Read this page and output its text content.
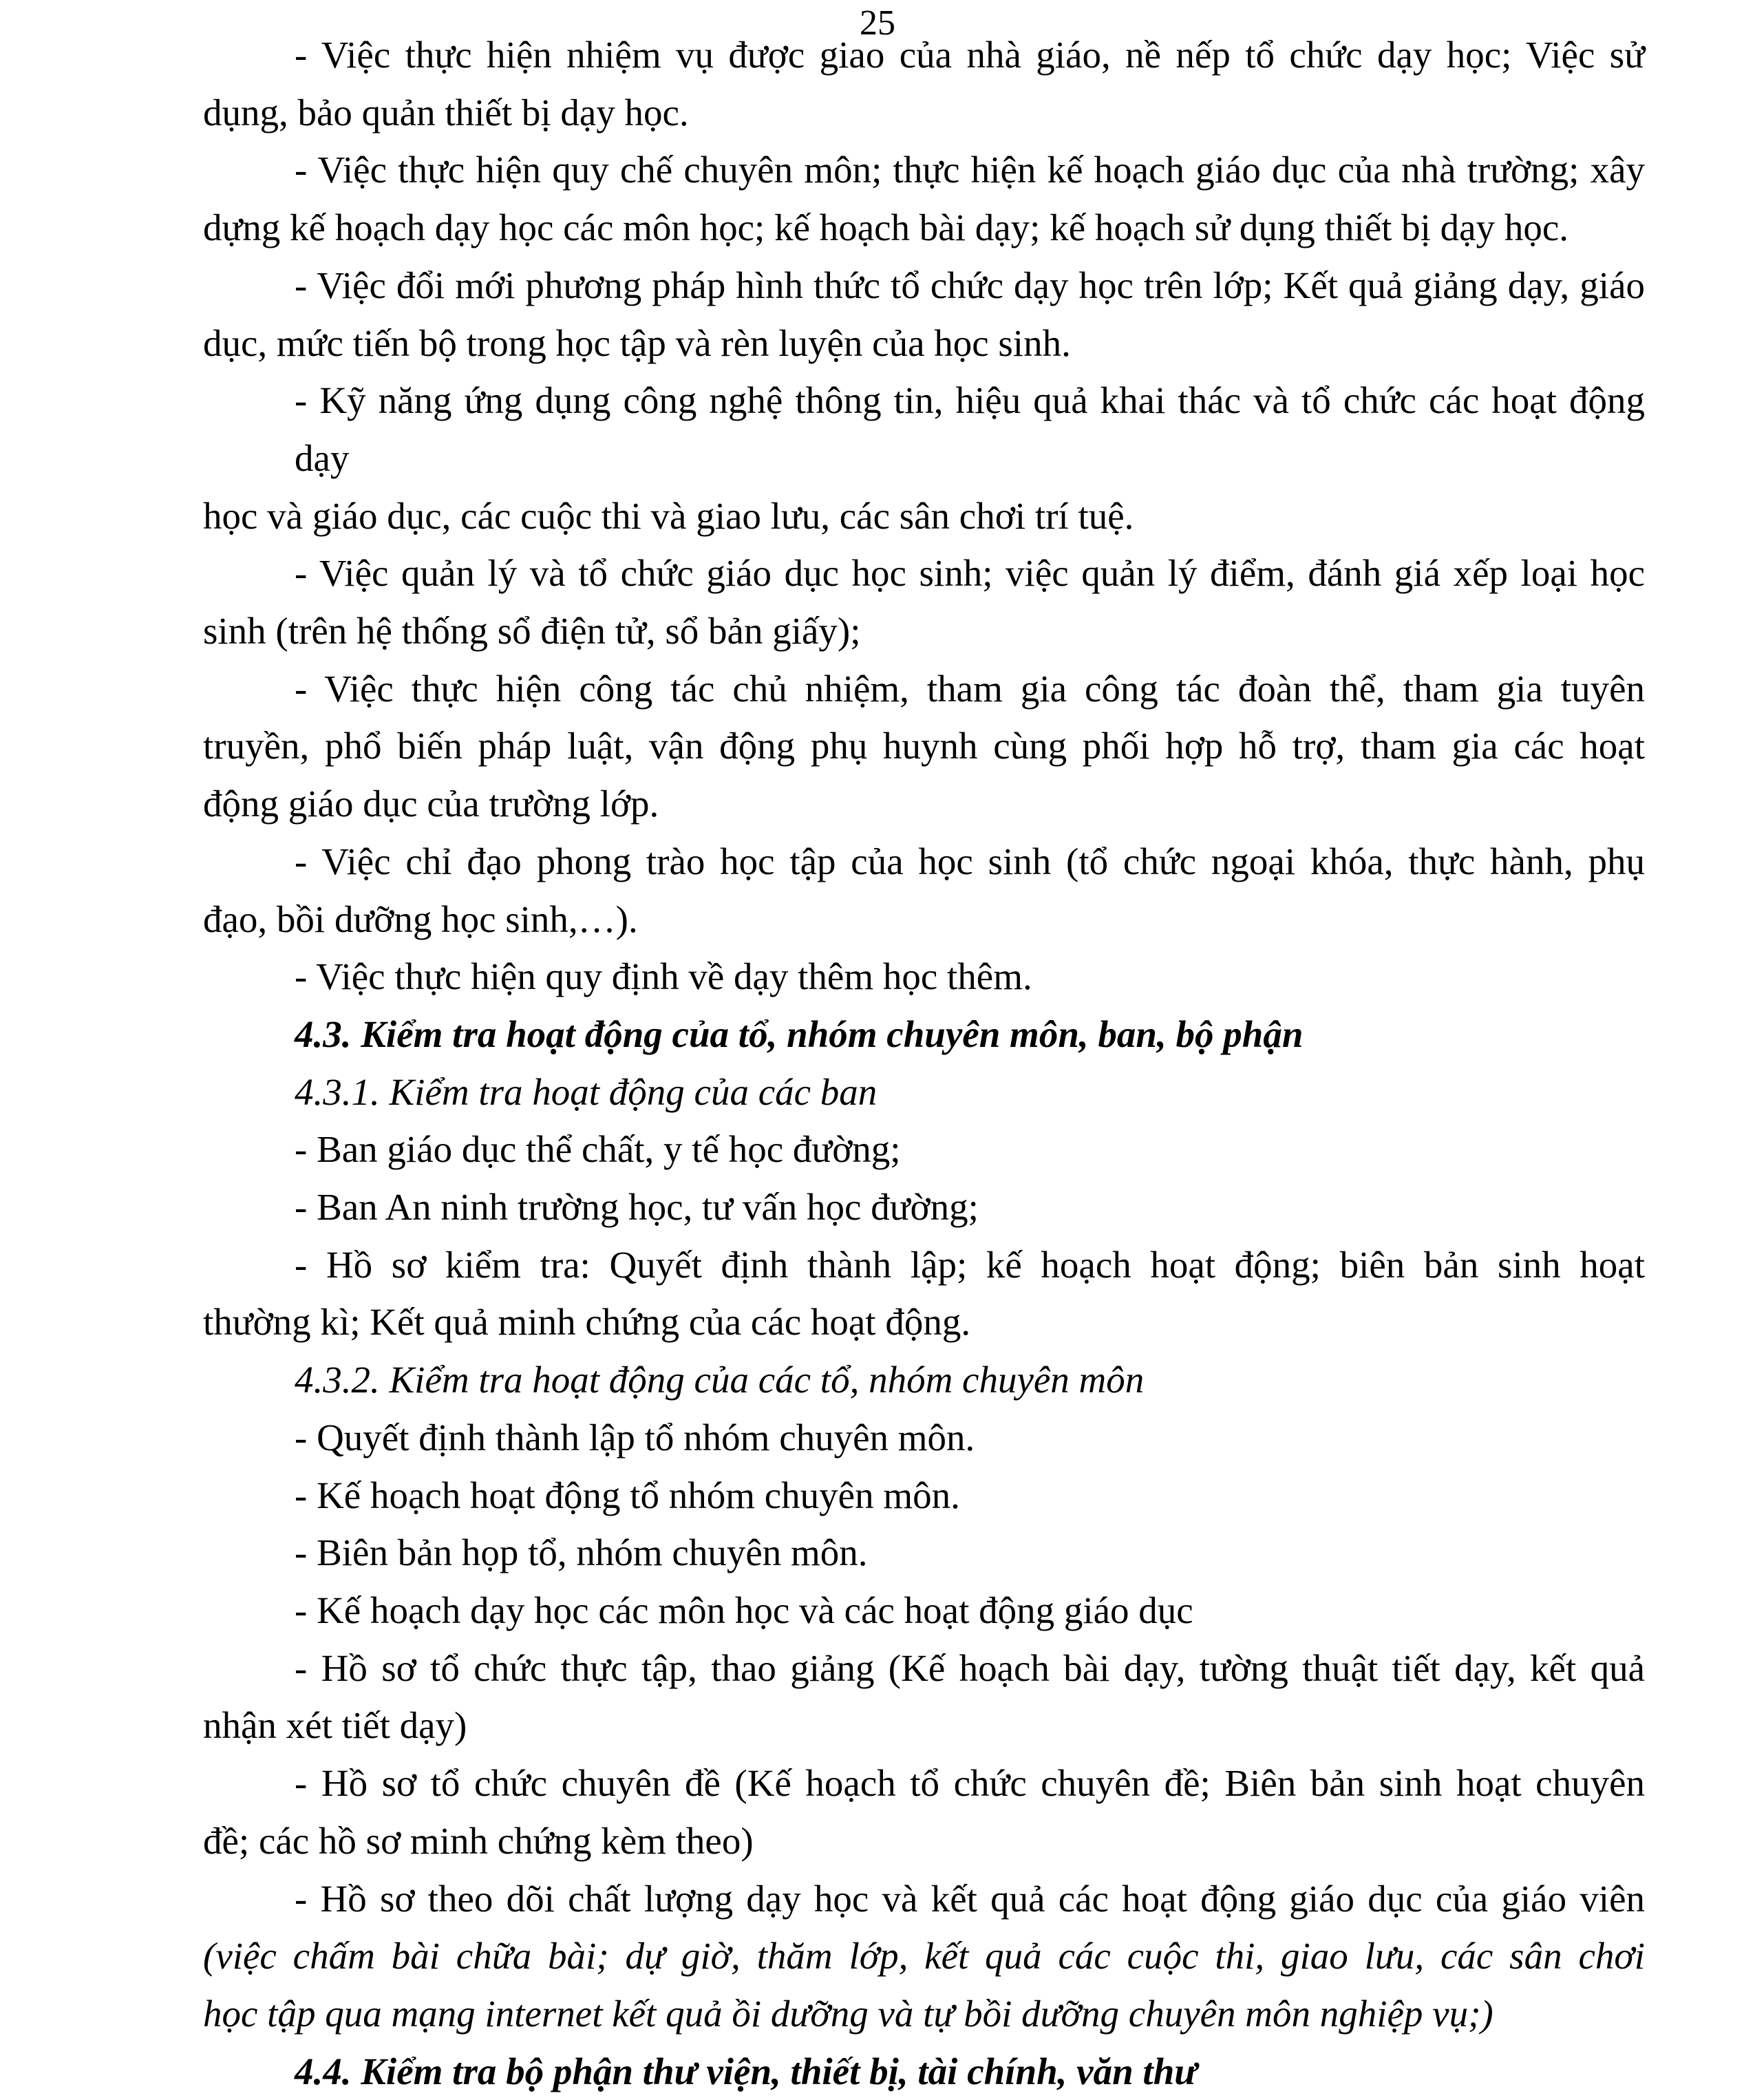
25
- Việc thực hiện nhiệm vụ được giao của nhà giáo, nề nếp tổ chức dạy học; Việc sử
dụng, bảo quản thiết bị dạy học.
- Việc thực hiện quy chế chuyên môn; thực hiện kế hoạch giáo dục của nhà trường; xây
dựng kế hoạch dạy học các môn học; kế hoạch bài dạy; kế hoạch sử dụng thiết bị dạy học.
- Việc đổi mới phương pháp hình thức tổ chức dạy học trên lớp; Kết quả giảng dạy, giáo
dục, mức tiến bộ trong học tập và rèn luyện của học sinh.
- Kỹ năng ứng dụng công nghệ thông tin, hiệu quả khai thác và tổ chức các hoạt động dạy
học và giáo dục, các cuộc thi và giao lưu, các sân chơi trí tuệ.
- Việc quản lý và tổ chức giáo dục học sinh; việc quản lý điểm, đánh giá xếp loại học
sinh (trên hệ thống sổ điện tử, sổ bản giấy);
- Việc thực hiện công tác chủ nhiệm, tham gia công tác đoàn thể, tham gia tuyên
truyền, phổ biến pháp luật, vận động phụ huynh cùng phối hợp hỗ trợ, tham gia các hoạt
động giáo dục của trường lớp.
- Việc chỉ đạo phong trào học tập của học sinh (tổ chức ngoại khóa, thực hành, phụ
đạo, bồi dưỡng học sinh,…).
- Việc thực hiện quy định về dạy thêm học thêm.
4.3. Kiểm tra hoạt động của tổ, nhóm chuyên môn, ban, bộ phận
4.3.1. Kiểm tra hoạt động của các ban
- Ban giáo dục thể chất, y tế học đường;
- Ban An ninh trường học, tư vấn học đường;
- Hồ sơ kiểm tra: Quyết định thành lập; kế hoạch hoạt động; biên bản sinh hoạt
thường kì; Kết quả minh chứng của các hoạt động.
4.3.2. Kiểm tra hoạt động của các tổ, nhóm chuyên môn
- Quyết định thành lập tổ nhóm chuyên môn.
- Kế hoạch hoạt động tổ nhóm chuyên môn.
- Biên bản họp tổ, nhóm chuyên môn.
- Kế hoạch dạy học các môn học và các hoạt động giáo dục
- Hồ sơ tổ chức thực tập, thao giảng (Kế hoạch bài dạy, tường thuật tiết dạy, kết quả
nhận xét tiết dạy)
- Hồ sơ tổ chức chuyên đề (Kế hoạch tổ chức chuyên đề; Biên bản sinh hoạt chuyên
đề; các hồ sơ minh chứng kèm theo)
- Hồ sơ theo dõi chất lượng dạy học và kết quả các hoạt động giáo dục của giáo viên
(việc chấm bài chữa bài; dự giờ, thăm lớp, kết quả các cuộc thi, giao lưu, các sân chơi
học tập qua mạng internet kết quả ồi dưỡng và tự bồi dưỡng chuyên môn nghiệp vụ;)
4.4. Kiểm tra bộ phận thư viện, thiết bị, tài chính, văn thư
